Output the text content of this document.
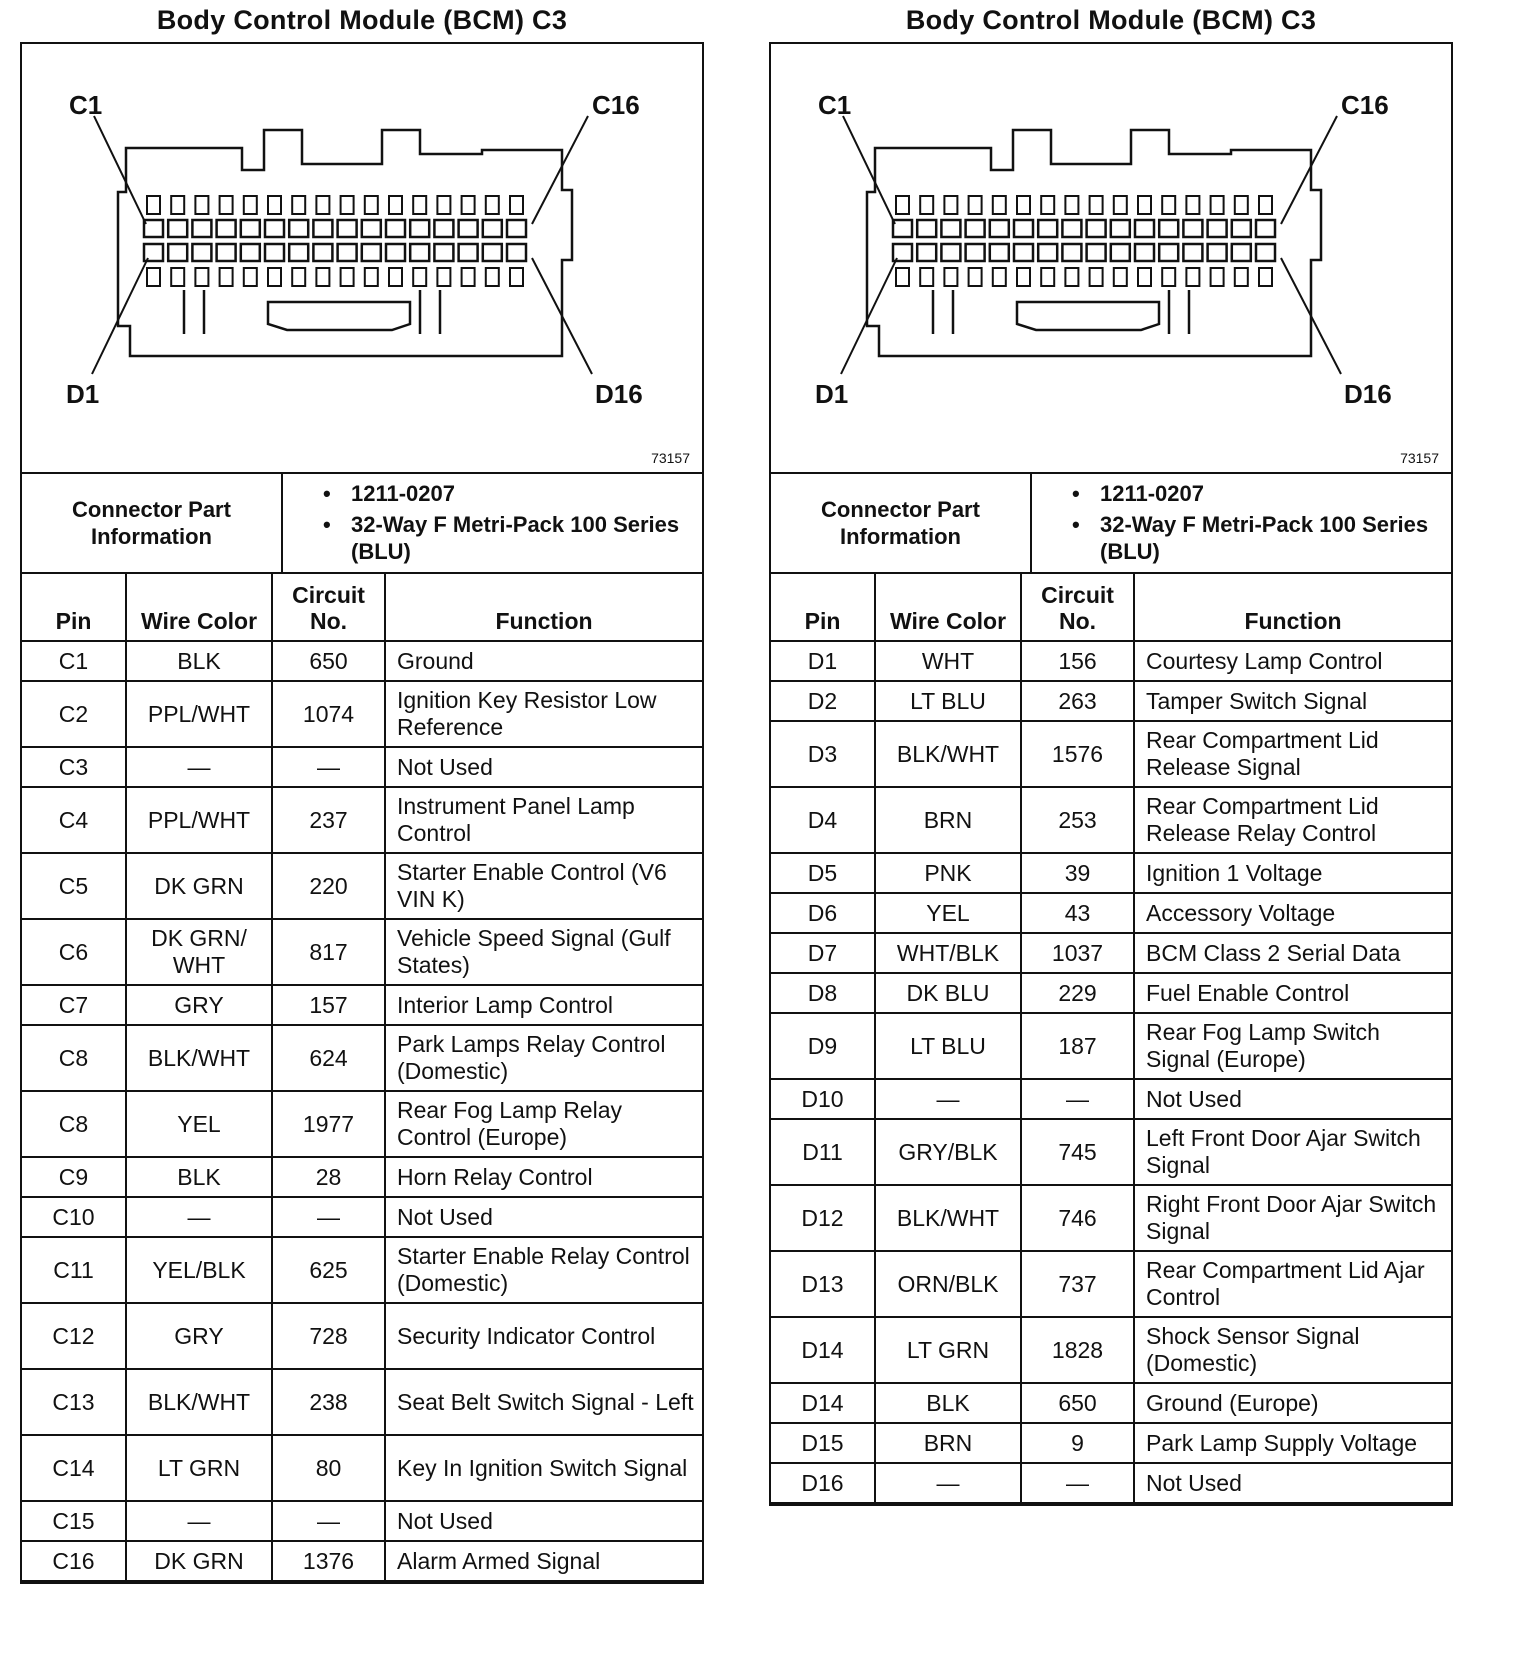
Body Control Module (BCM) C3
C1	C16
D1	D16
73157
Connector Part Information
• 1211-0207
• 32-Way F Metri-Pack 100 Series (BLU)
Pin	Wire Color	Circuit No.	Function
C1	BLK	650	Ground
C2	PPL/WHT	1074	Ignition Key Resistor Low Reference
C3	—	—	Not Used
C4	PPL/WHT	237	Instrument Panel Lamp Control
C5	DK GRN	220	Starter Enable Control (V6 VIN K)
C6	DK GRN/ WHT	817	Vehicle Speed Signal (Gulf States)
C7	GRY	157	Interior Lamp Control
C8	BLK/WHT	624	Park Lamps Relay Control (Domestic)
C8	YEL	1977	Rear Fog Lamp Relay Control (Europe)
C9	BLK	28	Horn Relay Control
C10	—	—	Not Used
C11	YEL/BLK	625	Starter Enable Relay Control (Domestic)
C12	GRY	728	Security Indicator Control
C13	BLK/WHT	238	Seat Belt Switch Signal - Left
C14	LT GRN	80	Key In Ignition Switch Signal
C15	—	—	Not Used
C16	DK GRN	1376	Alarm Armed Signal
Body Control Module (BCM) C3
C1	C16
D1	D16
73157
Connector Part Information
• 1211-0207
• 32-Way F Metri-Pack 100 Series (BLU)
Pin	Wire Color	Circuit No.	Function
D1	WHT	156	Courtesy Lamp Control
D2	LT BLU	263	Tamper Switch Signal
D3	BLK/WHT	1576	Rear Compartment Lid Release Signal
D4	BRN	253	Rear Compartment Lid Release Relay Control
D5	PNK	39	Ignition 1 Voltage
D6	YEL	43	Accessory Voltage
D7	WHT/BLK	1037	BCM Class 2 Serial Data
D8	DK BLU	229	Fuel Enable Control
D9	LT BLU	187	Rear Fog Lamp Switch Signal (Europe)
D10	—	—	Not Used
D11	GRY/BLK	745	Left Front Door Ajar Switch Signal
D12	BLK/WHT	746	Right Front Door Ajar Switch Signal
D13	ORN/BLK	737	Rear Compartment Lid Ajar Control
D14	LT GRN	1828	Shock Sensor Signal (Domestic)
D14	BLK	650	Ground (Europe)
D15	BRN	9	Park Lamp Supply Voltage
D16	—	—	Not Used
